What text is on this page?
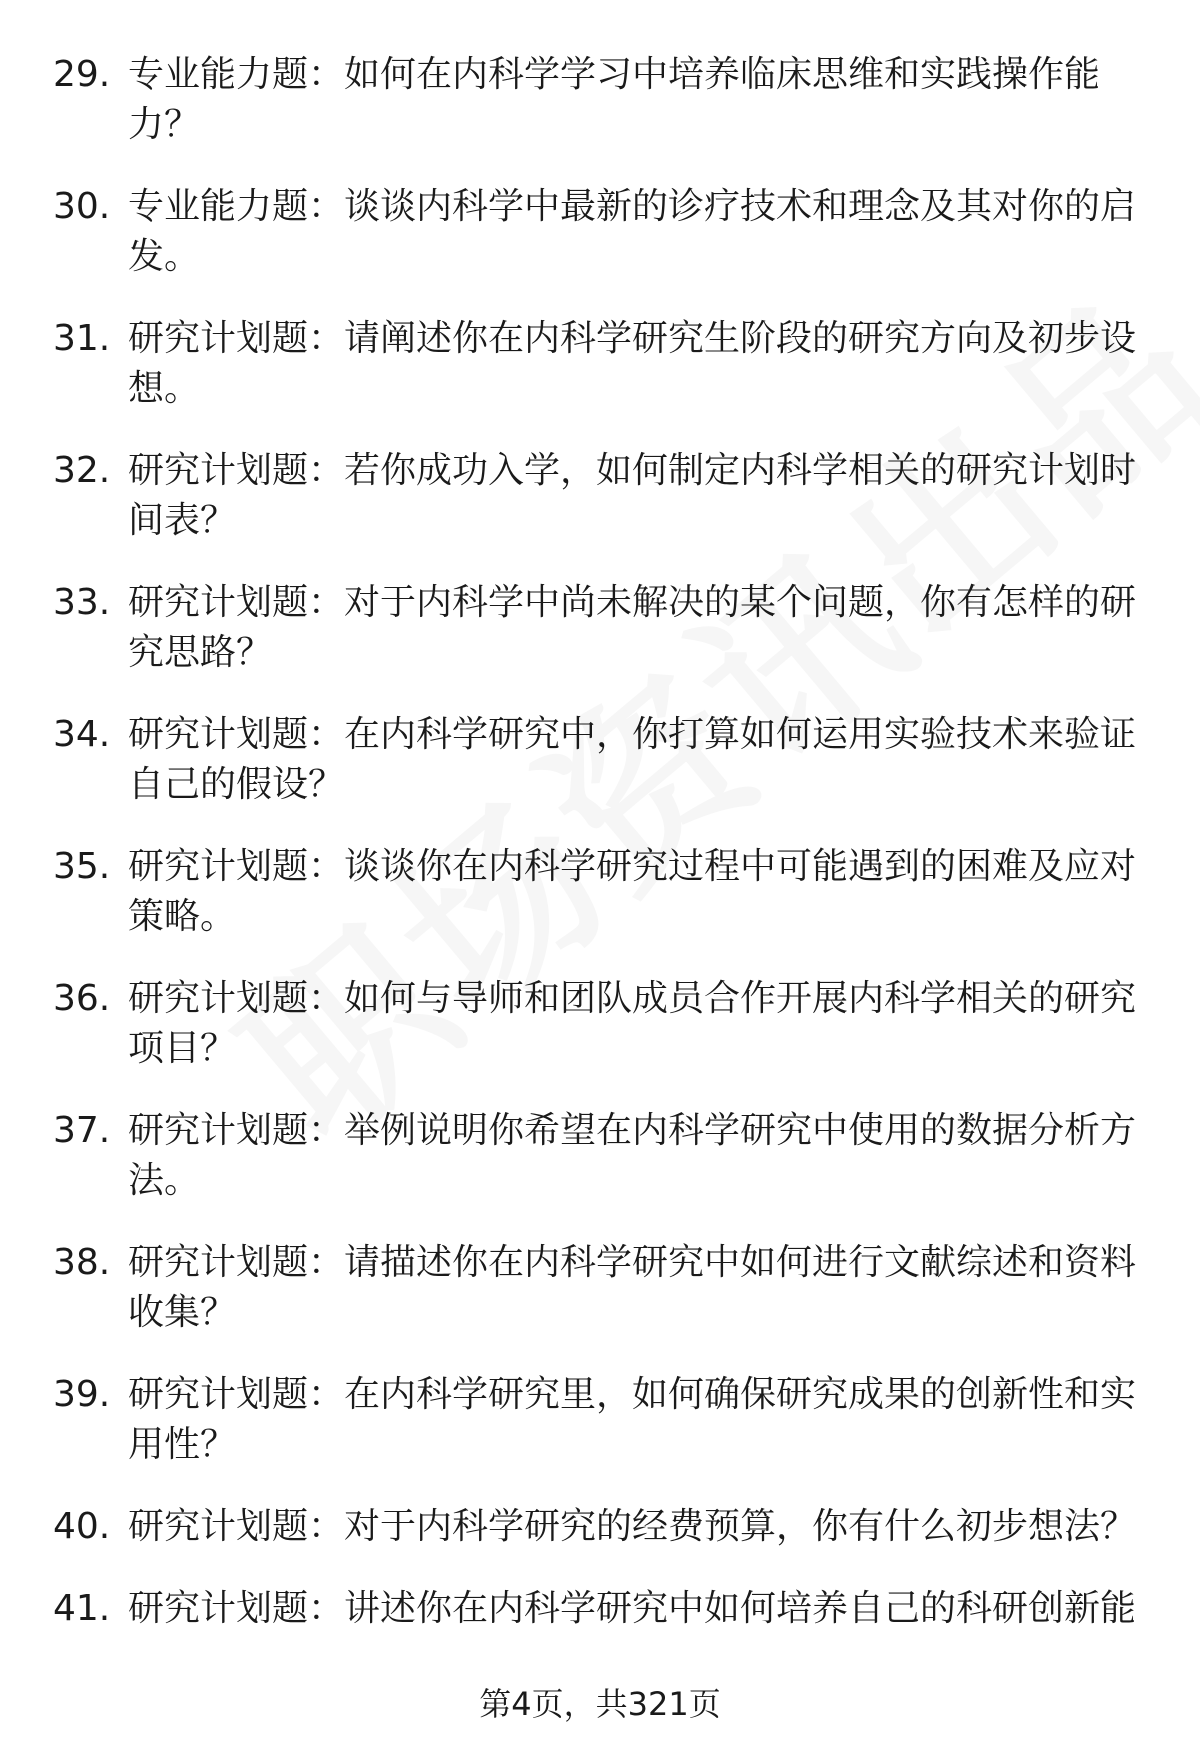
29. 专业能力题：如何在内科学学习中培养临床思维和实践操作能力？
30. 专业能力题：谈谈内科学中最新的诊疗技术和理念及其对你的启发。
31. 研究计划题：请阐述你在内科学研究生阶段的研究方向及初步设想。
32. 研究计划题：若你成功入学，如何制定内科学相关的研究计划时间表？
33. 研究计划题：对于内科学中尚未解决的某个问题，你有怎样的研究思路？
34. 研究计划题：在内科学研究中，你打算如何运用实验技术来验证自己的假设？
35. 研究计划题：谈谈你在内科学研究过程中可能遇到的困难及应对策略。
36. 研究计划题：如何与导师和团队成员合作开展内科学相关的研究项目？
37. 研究计划题：举例说明你希望在内科学研究中使用的数据分析方法。
38. 研究计划题：请描述你在内科学研究中如何进行文献综述和资料收集？
39. 研究计划题：在内科学研究里，如何确保研究成果的创新性和实用性？
40. 研究计划题：对于内科学研究的经费预算，你有什么初步想法？
41. 研究计划题：讲述你在内科学研究中如何培养自己的科研创新能
第4页，共321页
